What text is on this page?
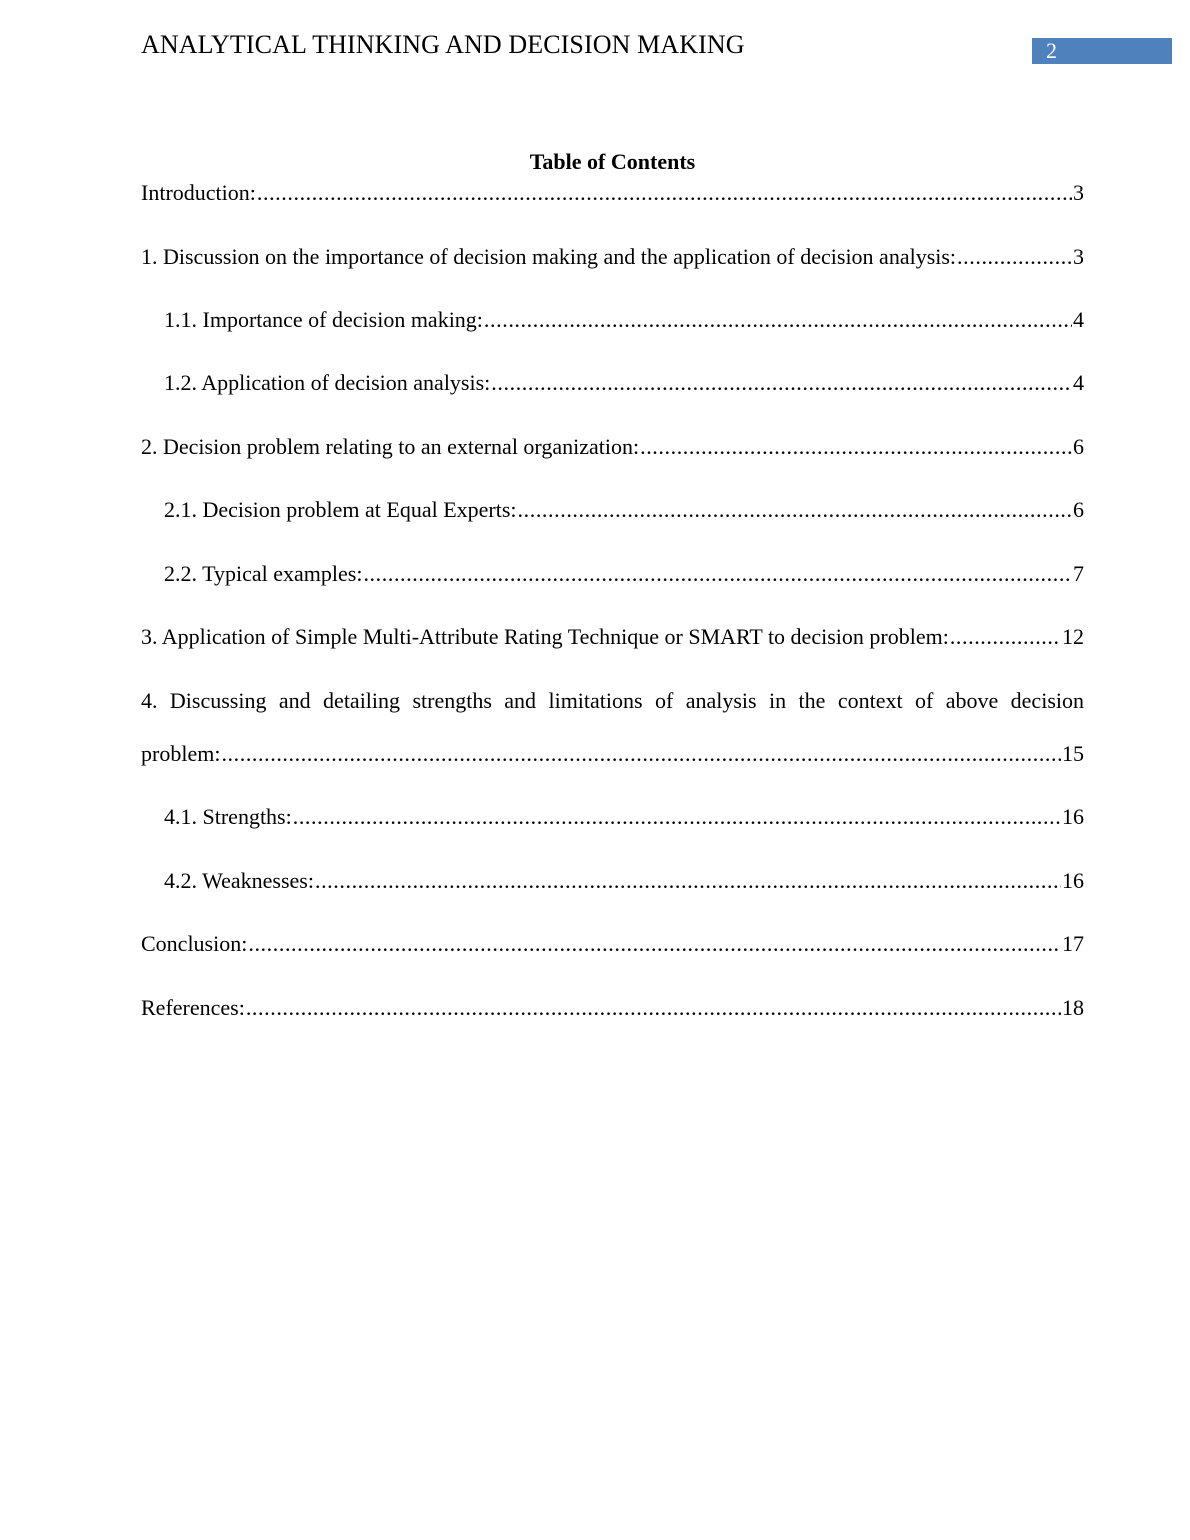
ANALYTICAL THINKING AND DECISION MAKING	2
Table of Contents
Introduction: .....	3
1. Discussion on the importance of decision making and the application of decision analysis: .....	3
1.1. Importance of decision making: .....	4
1.2. Application of decision analysis: .....	4
2. Decision problem relating to an external organization: .....	6
2.1. Decision problem at Equal Experts: .....	6
2.2. Typical examples: .....	7
3. Application of Simple Multi-Attribute Rating Technique or SMART to decision problem: .....	12
4. Discussing and detailing strengths and limitations of analysis in the context of above decision
problem: .....	15
4.1. Strengths: .....	16
4.2. Weaknesses: .....	16
Conclusion: .....	17
References: .....	18
